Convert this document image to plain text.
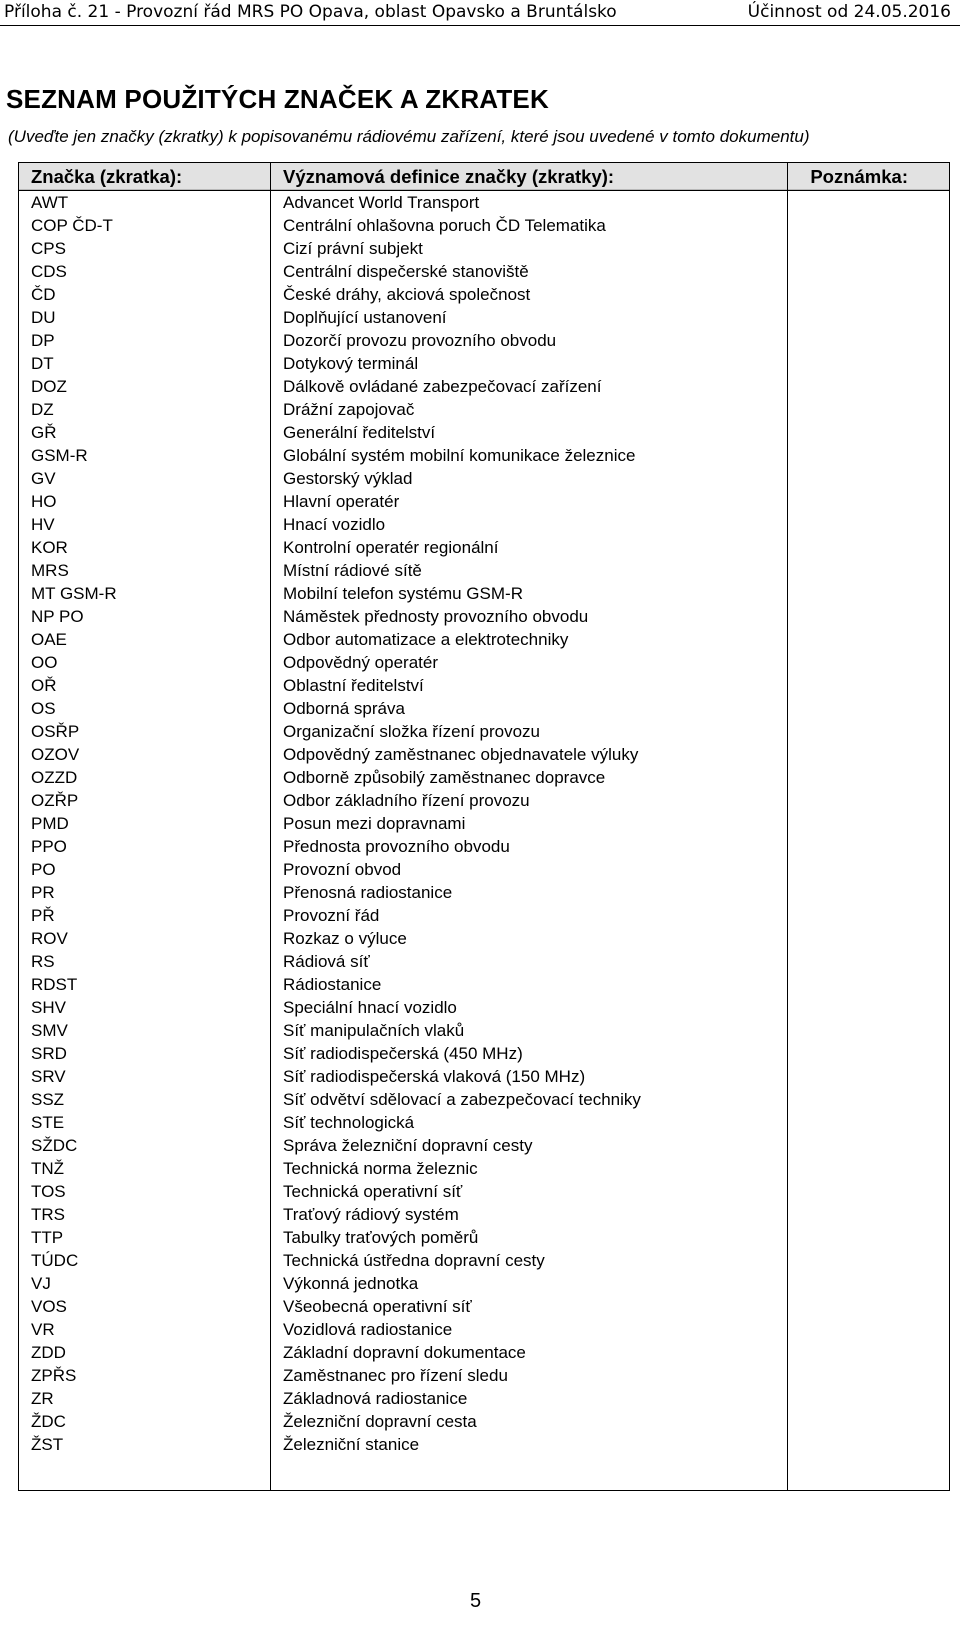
Příloha č. 21 - Provozní řád MRS PO Opava, oblast Opavsko a Bruntálsko	Účinnost od 24.05.2016
SEZNAM POUŽITÝCH ZNAČEK A ZKRATEK
(Uveďte jen značky (zkratky) k popisovanému rádiovému zařízení, které jsou uvedené v tomto dokumentu)
Značka (zkratka):	Významová definice značky (zkratky):	Poznámka:
AWT	Advancet World Transport	
COP ČD-T	Centrální ohlašovna poruch ČD Telematika	
CPS	Cizí právní subjekt	
CDS	Centrální dispečerské stanoviště	
ČD	České dráhy, akciová společnost	
DU	Doplňující ustanovení	
DP	Dozorčí provozu provozního obvodu	
DT	Dotykový terminál	
DOZ	Dálkově ovládané zabezpečovací zařízení	
DZ	Drážní zapojovač	
GŘ	Generální ředitelství	
GSM-R	Globální systém mobilní komunikace železnice	
GV	Gestorský výklad	
HO	Hlavní operatér	
HV	Hnací vozidlo	
KOR	Kontrolní operatér regionální	
MRS	Místní rádiové sítě	
MT GSM-R	Mobilní telefon systému GSM-R	
NP PO	Náměstek přednosty provozního obvodu	
OAE	Odbor automatizace a elektrotechniky	
OO	Odpovědný operatér	
OŘ	Oblastní ředitelství	
OS	Odborná správa	
OSŘP	Organizační složka řízení provozu	
OZOV	Odpovědný zaměstnanec objednavatele výluky	
OZZD	Odborně způsobilý zaměstnanec dopravce	
OZŘP	Odbor základního řízení provozu	
PMD	Posun mezi dopravnami	
PPO	Přednosta provozního obvodu	
PO	Provozní obvod	
PR	Přenosná radiostanice	
PŘ	Provozní řád	
ROV	Rozkaz o výluce	
RS	Rádiová síť	
RDST	Rádiostanice	
SHV	Speciální hnací vozidlo	
SMV	Síť manipulačních vlaků	
SRD	Síť radiodispečerská (450 MHz)	
SRV	Síť radiodispečerská vlaková (150 MHz)	
SSZ	Síť odvětví sdělovací a zabezpečovací techniky	
STE	Síť technologická	
SŽDC	Správa železniční dopravní cesty	
TNŽ	Technická norma železnic	
TOS	Technická operativní síť	
TRS	Traťový rádiový systém	
TTP	Tabulky traťových poměrů	
TÚDC	Technická ústředna dopravní cesty	
VJ	Výkonná jednotka	
VOS	Všeobecná operativní síť	
VR	Vozidlová radiostanice	
ZDD	Základní dopravní dokumentace	
ZPŘS	Zaměstnanec pro řízení sledu	
ZR	Základnová radiostanice	
ŽDC	Železniční dopravní cesta	
ŽST	Železniční stanice	

5
